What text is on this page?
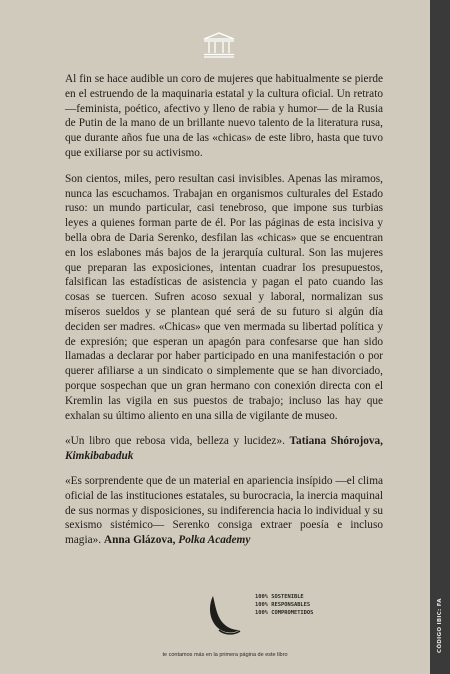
CÓDIGO IBIC: FA

Al fin se hace audible un coro de mujeres que habitualmente se pierde en el estruendo de la maquinaria estatal y la cultura oficial. Un retrato —feminista, poético, afectivo y lleno de rabia y humor— de la Rusia de Putin de la mano de un brillante nuevo talento de la literatura rusa, que durante años fue una de las «chicas» de este libro, hasta que tuvo que exiliarse por su activismo.

Son cientos, miles, pero resultan casi invisibles. Apenas las miramos, nunca las escuchamos. Trabajan en organismos culturales del Estado ruso: un mundo particular, casi tenebroso, que impone sus turbias leyes a quienes forman parte de él. Por las páginas de esta incisiva y bella obra de Daria Serenko, desfilan las «chicas» que se encuentran en los eslabones más bajos de la jerarquía cultural. Son las mujeres que preparan las exposiciones, intentan cuadrar los presupuestos, falsifican las estadísticas de asistencia y pagan el pato cuando las cosas se tuercen. Sufren acoso sexual y laboral, normalizan sus míseros sueldos y se plantean qué será de su futuro si algún día deciden ser madres. «Chicas» que ven mermada su libertad política y de expresión; que esperan un apagón para confesarse que han sido llamadas a declarar por haber participado en una manifestación o por querer afiliarse a un sindicato o simplemente que se han divorciado, porque sospechan que un gran hermano con conexión directa con el Kremlin las vigila en sus puestos de trabajo; incluso las hay que exhalan su último aliento en una silla de vigilante de museo.

«Un libro que rebosa vida, belleza y lucidez». Tatiana Shórojova, Kimkibabaduk

«Es sorprendente que de un material en apariencia insípido —el clima oficial de las instituciones estatales, su burocracia, la inercia maquinal de sus normas y disposiciones, su indiferencia hacia lo individual y su sexismo sistémico— Serenko consiga extraer poesía e incluso magia». Anna Glázova, Polka Academy

100% SOSTENIBLE
100% RESPONSABLES
100% COMPROMETIDOS
te contamos más en la primera página de este libro
